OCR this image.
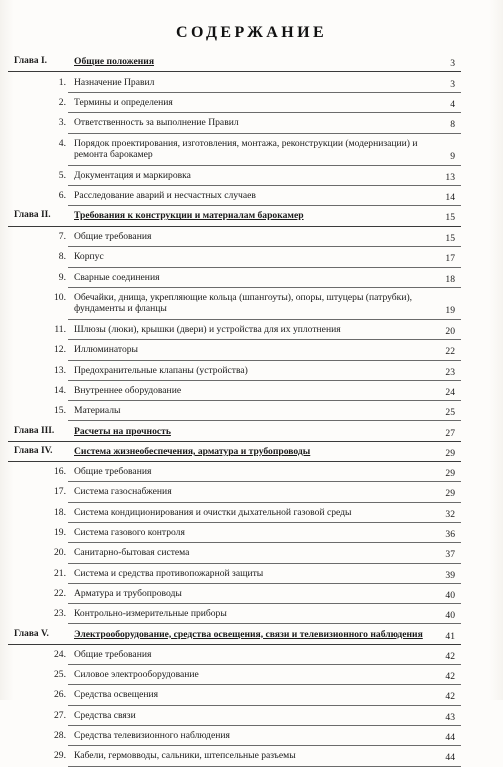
СОДЕРЖАНИЕ
Глава I.	Общие положения	3
1. Назначение Правил	3
2. Термины и определения	4
3. Ответственность за выполнение Правил	8
4. Порядок проектирования, изготовления, монтажа, реконструкции (модернизации) и ремонта барокамер	9
5. Документация и маркировка	13
6. Расследование аварий и несчастных случаев	14
Глава II.	Требования к конструкции и материалам барокамер	15
7. Общие требования	15
8. Корпус	17
9. Сварные соединения	18
10. Обечайки, днища, укрепляющие кольца (шпангоуты), опоры, штуцеры (патрубки), фундаменты и фланцы	19
11. Шлюзы (люки), крышки (двери) и устройства для их уплотнения	20
12. Иллюминаторы	22
13. Предохранительные клапаны (устройства)	23
14. Внутреннее оборудование	24
15. Материалы	25
Глава III.	Расчеты на прочность	27
Глава IV.	Система жизнеобеспечения, арматура и трубопроводы	29
16. Общие требования	29
17. Система газоснабжения	29
18. Система кондиционирования и очистки дыхательной газовой среды	32
19. Система газового контроля	36
20. Санитарно-бытовая система	37
21. Система и средства противопожарной защиты	39
22. Арматура и трубопроводы	40
23. Контрольно-измерительные приборы	40
Глава V.	Электрооборудование, средства освещения, связи и телевизионного наблюдения	41
24. Общие требования	42
25. Силовое электрооборудование	42
26. Средства освещения	42
27. Средства связи	43
28. Средства телевизионного наблюдения	44
29. Кабели, гермовводы, сальники, штепсельные разъемы	44
